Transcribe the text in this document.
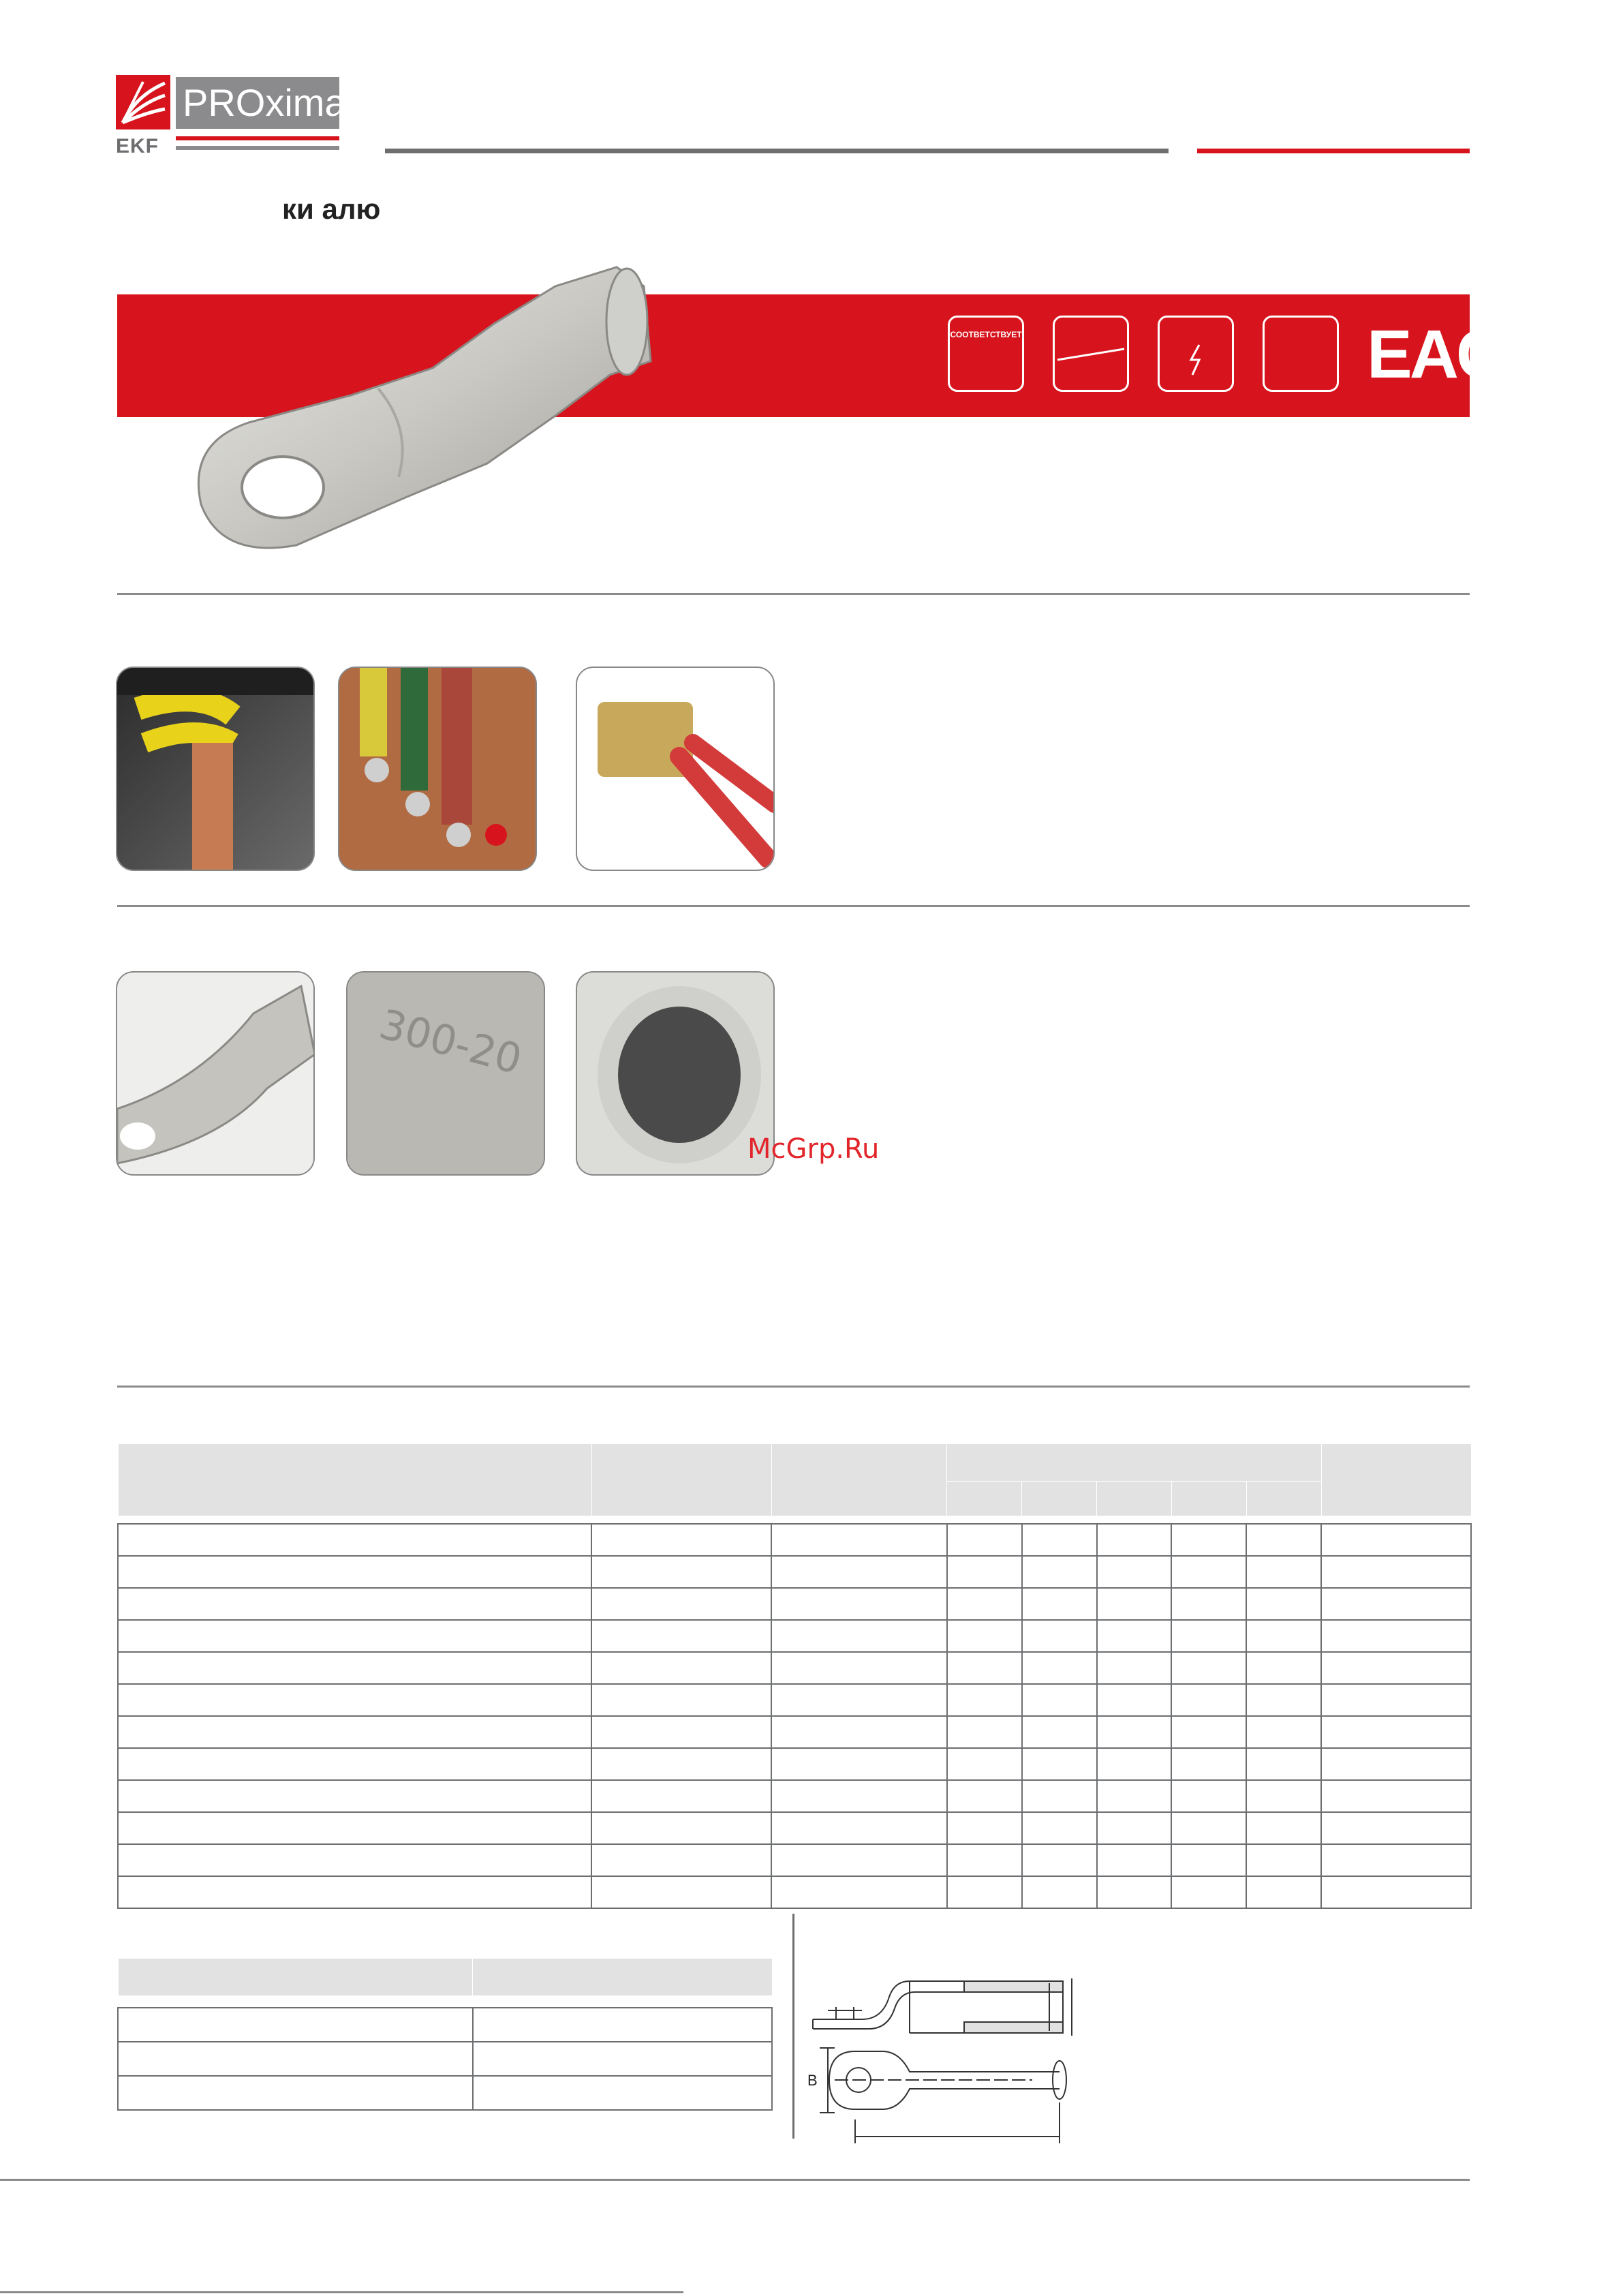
PROxima
EKF
ки алю
СООТВЕТСТВУЕТ	EAC
300-20
McGrp.Ru

B
